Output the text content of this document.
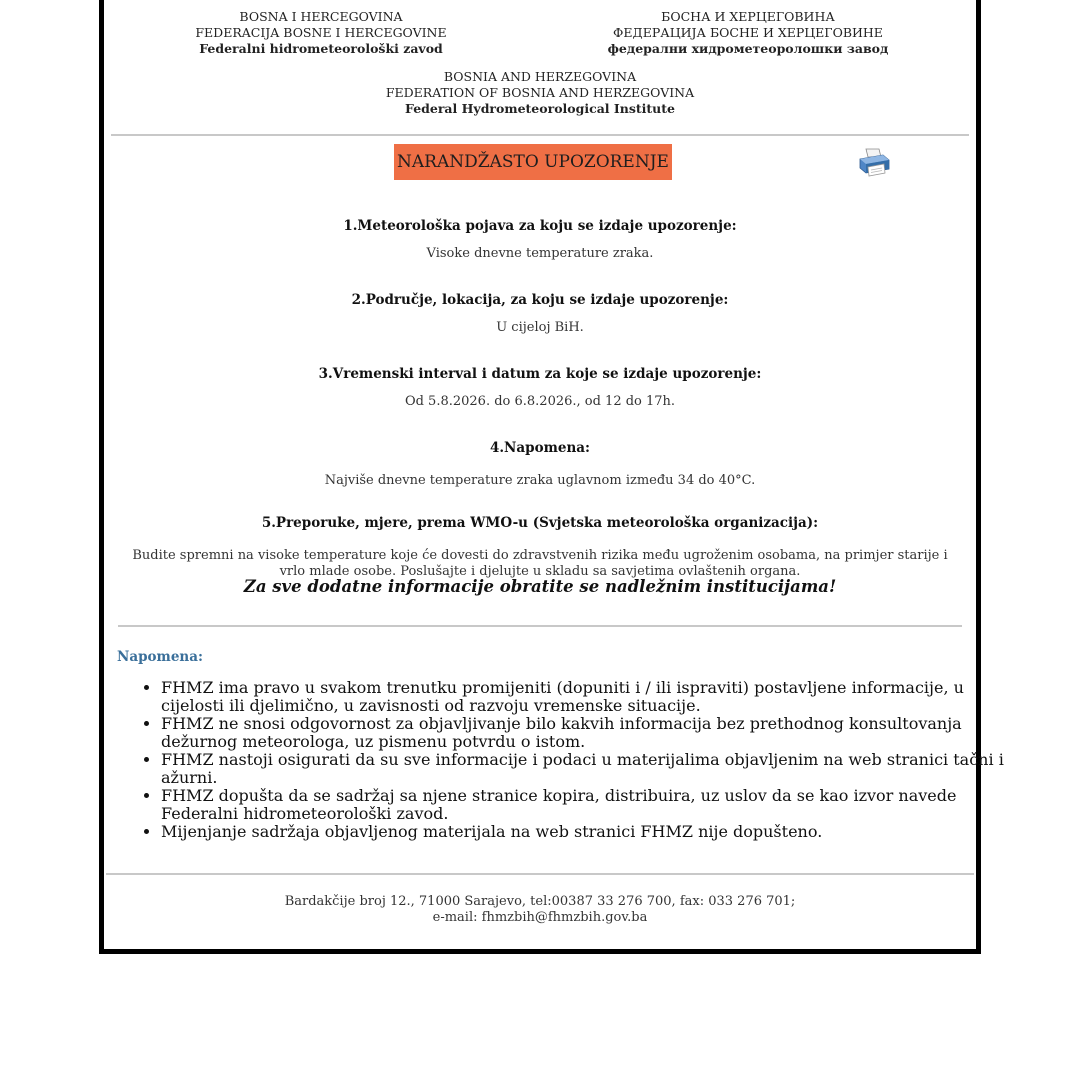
BOSNA I HERCEGOVINA
FEDERACIJA BOSNE I HERCEGOVINE
Federalni hidrometeorološki zavod
БОСНА И ХЕРЦЕГОВИНА
ФЕДЕРАЦИЈА БОСНЕ И ХЕРЦЕГОВИНЕ
федерални хидрометеоролошки завод
BOSNIA AND HERZEGOVINA
FEDERATION OF BOSNIA AND HERZEGOVINA
Federal Hydrometeorological Institute
NARANDŽASTO UPOZORENJE
1.Meteorološka pojava za koju se izdaje upozorenje:
Visoke dnevne temperature zraka.
2.Područje, lokacija, za koju se izdaje upozorenje:
U cijeloj BiH.
3.Vremenski interval i datum za koje se izdaje upozorenje:
Od 5.8.2026. do 6.8.2026., od 12 do 17h.
4.Napomena:
Najviše dnevne temperature zraka uglavnom između 34 do 40°C.
5.Preporuke, mjere, prema WMO-u (Svjetska meteorološka organizacija):
Budite spremni na visoke temperature koje će dovesti do zdravstvenih rizika među ugroženim osobama, na primjer starije i vrlo mlade osobe. Poslušajte i djelujte u skladu sa savjetima ovlaštenih organa.
Za sve dodatne informacije obratite se nadležnim institucijama!
Napomena:
• FHMZ ima pravo u svakom trenutku promijeniti (dopuniti i / ili ispraviti) postavljene informacije, u cijelosti ili djelimično, u zavisnosti od razvoju vremenske situacije.
• FHMZ ne snosi odgovornost za objavljivanje bilo kakvih informacija bez prethodnog konsultovanja dežurnog meteorologa, uz pismenu potvrdu o istom.
• FHMZ nastoji osigurati da su sve informacije i podaci u materijalima objavljenim na web stranici tačni i ažurni.
• FHMZ dopušta da se sadržaj sa njene stranice kopira, distribuira, uz uslov da se kao izvor navede Federalni hidrometeorološki zavod.
• Mijenjanje sadržaja objavljenog materijala na web stranici FHMZ nije dopušteno.
Bardakčije broj 12., 71000 Sarajevo, tel:00387 33 276 700, fax: 033 276 701;
e-mail: fhmzbih@fhmzbih.gov.ba
